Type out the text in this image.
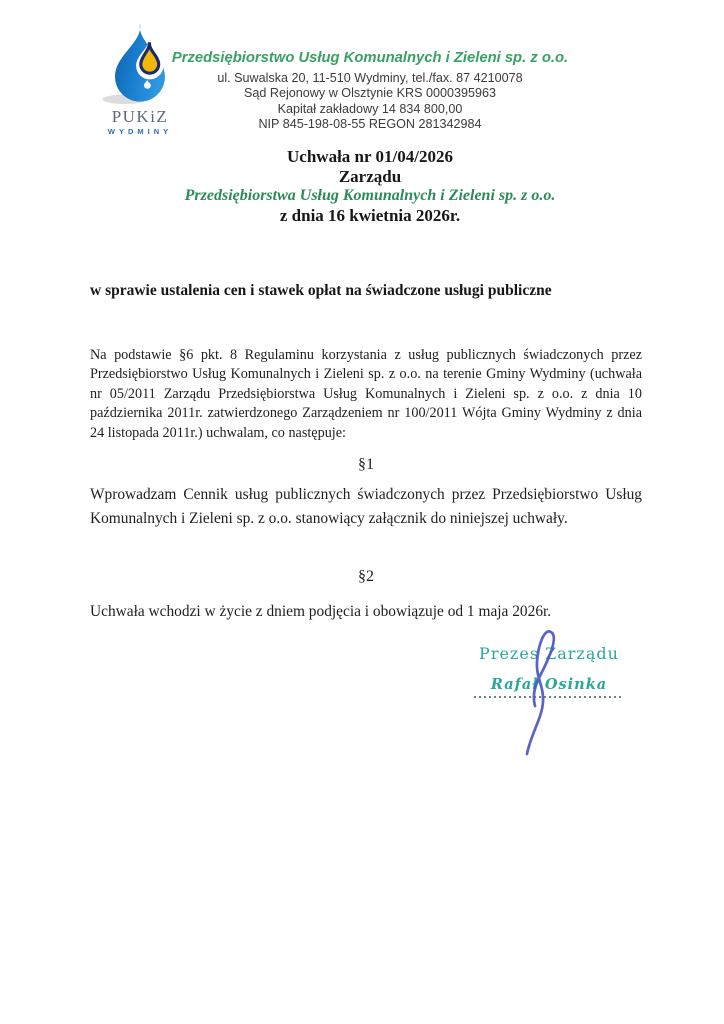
PUKiZ
WYDMINY
Przedsiębiorstwo Usług Komunalnych i Zieleni sp. z o.o.
ul. Suwalska 20, 11-510 Wydminy, tel./fax. 87 4210078
Sąd Rejonowy w Olsztynie KRS 0000395963
Kapitał zakładowy 14 834 800,00
NIP 845-198-08-55 REGON 281342984
Uchwała nr 01/04/2026
Zarządu
Przedsiębiorstwa Usług Komunalnych i Zieleni sp. z o.o.
z dnia 16 kwietnia 2026r.
w sprawie ustalenia cen i stawek opłat na świadczone usługi publiczne
Na podstawie §6 pkt. 8 Regulaminu korzystania z usług publicznych świadczonych przez Przedsiębiorstwo Usług Komunalnych i Zieleni sp. z o.o. na terenie Gminy Wydminy (uchwała nr 05/2011 Zarządu Przedsiębiorstwa Usług Komunalnych i Zieleni sp. z o.o. z dnia 10 października 2011r. zatwierdzonego Zarządzeniem nr 100/2011 Wójta Gminy Wydminy z dnia 24 listopada 2011r.) uchwalam, co następuje:
§1
Wprowadzam Cennik usług publicznych świadczonych przez Przedsiębiorstwo Usług Komunalnych i Zieleni sp. z o.o. stanowiący załącznik do niniejszej uchwały.
§2
Uchwała wchodzi w życie z dniem podjęcia i obowiązuje od 1 maja 2026r.
Prezes Zarządu
Rafał Osinka
